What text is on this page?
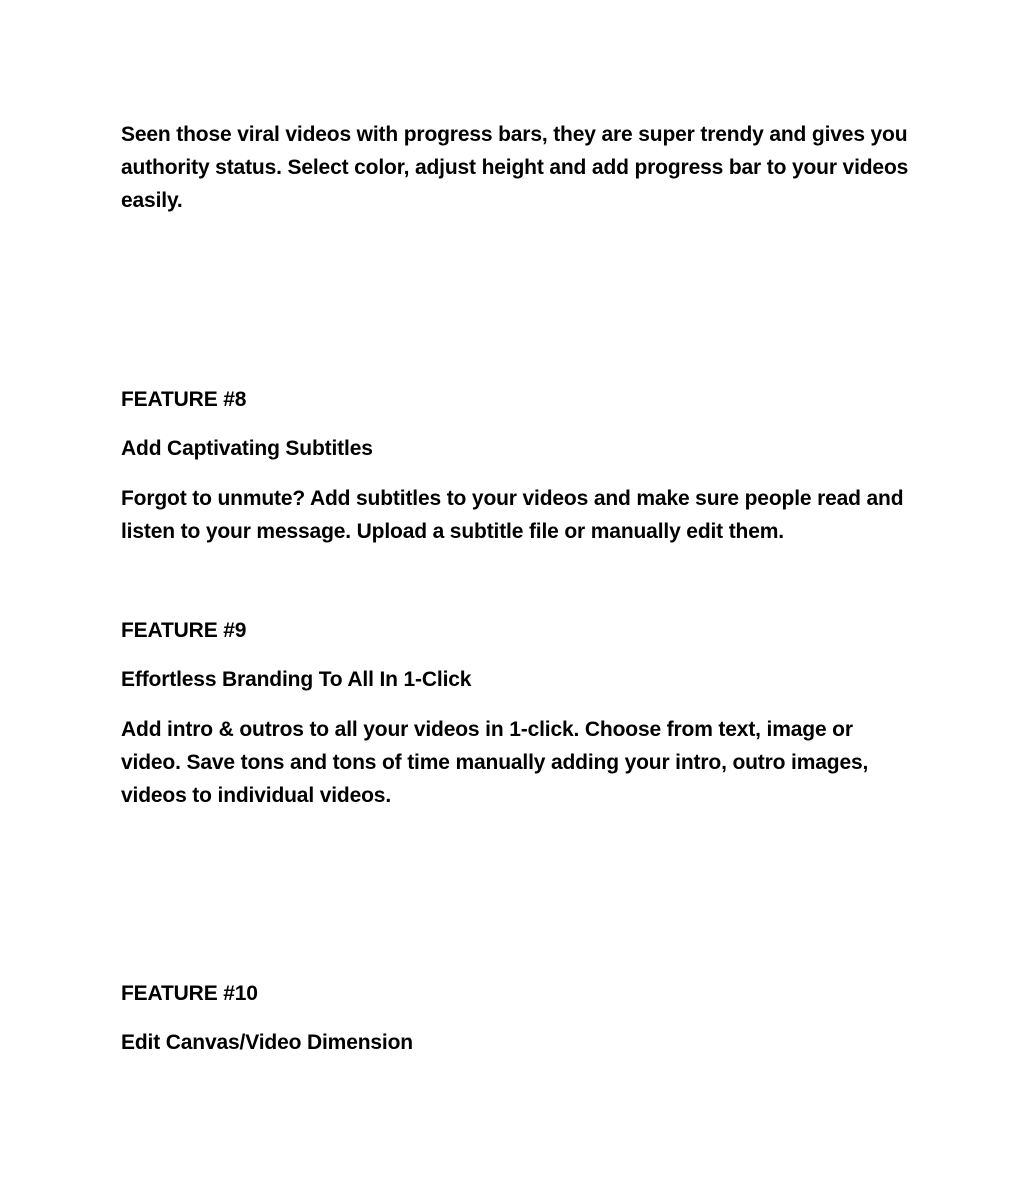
Seen those viral videos with progress bars, they are super trendy and gives you authority status. Select color, adjust height and add progress bar to your videos easily.

FEATURE #8

Add Captivating Subtitles

Forgot to unmute? Add subtitles to your videos and make sure people read and listen to your message. Upload a subtitle file or manually edit them.

FEATURE #9

Effortless Branding To All In 1-Click

Add intro & outros to all your videos in 1-click. Choose from text, image or video. Save tons and tons of time manually adding your intro, outro images, videos to individual videos.

FEATURE #10

Edit Canvas/Video Dimension
